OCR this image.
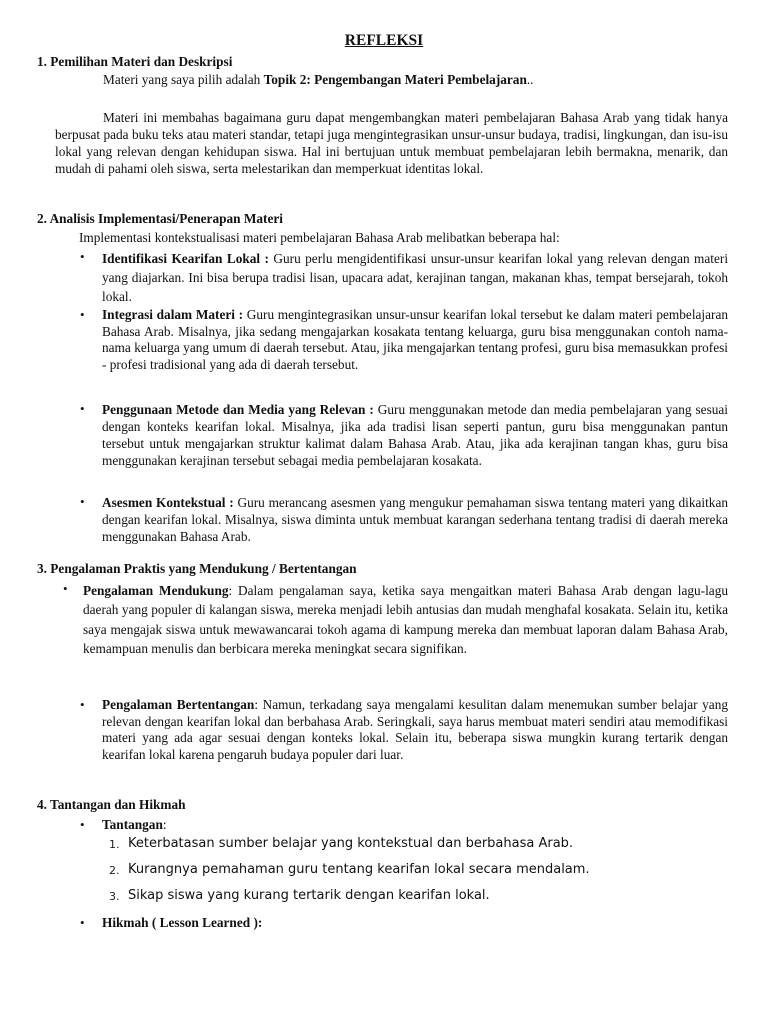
REFLEKSI
1. Pemilihan Materi dan Deskripsi
Materi yang saya pilih adalah Topik 2: Pengembangan Materi Pembelajaran..
Materi ini membahas bagaimana guru dapat mengembangkan materi pembelajaran Bahasa Arab yang tidak hanya berpusat pada buku teks atau materi standar, tetapi juga mengintegrasikan unsur-unsur budaya, tradisi, lingkungan, dan isu-isu lokal yang relevan dengan kehidupan siswa. Hal ini bertujuan untuk membuat pembelajaran lebih bermakna, menarik, dan mudah di pahami oleh siswa, serta melestarikan dan memperkuat identitas lokal.
2. Analisis Implementasi/Penerapan Materi
Implementasi kontekstualisasi materi pembelajaran Bahasa Arab melibatkan beberapa hal:
• Identifikasi Kearifan Lokal : Guru perlu mengidentifikasi unsur-unsur kearifan lokal yang relevan dengan materi yang diajarkan. Ini bisa berupa tradisi lisan, upacara adat, kerajinan tangan, makanan khas, tempat bersejarah, tokoh lokal.
• Integrasi dalam Materi : Guru mengintegrasikan unsur-unsur kearifan lokal tersebut ke dalam materi pembelajaran Bahasa Arab. Misalnya, jika sedang mengajarkan kosakata tentang keluarga, guru bisa menggunakan contoh nama-nama keluarga yang umum di daerah tersebut. Atau, jika mengajarkan tentang profesi, guru bisa memasukkan profesi - profesi tradisional yang ada di daerah tersebut.
• Penggunaan Metode dan Media yang Relevan : Guru menggunakan metode dan media pembelajaran yang sesuai dengan konteks kearifan lokal. Misalnya, jika ada tradisi lisan seperti pantun, guru bisa menggunakan pantun tersebut untuk mengajarkan struktur kalimat dalam Bahasa Arab. Atau, jika ada kerajinan tangan khas, guru bisa menggunakan kerajinan tersebut sebagai media pembelajaran kosakata.
• Asesmen Kontekstual : Guru merancang asesmen yang mengukur pemahaman siswa tentang materi yang dikaitkan dengan kearifan lokal. Misalnya, siswa diminta untuk membuat karangan sederhana tentang tradisi di daerah mereka menggunakan Bahasa Arab.
3. Pengalaman Praktis yang Mendukung / Bertentangan
• Pengalaman Mendukung: Dalam pengalaman saya, ketika saya mengaitkan materi Bahasa Arab dengan lagu-lagu daerah yang populer di kalangan siswa, mereka menjadi lebih antusias dan mudah menghafal kosakata. Selain itu, ketika saya mengajak siswa untuk mewawancarai tokoh agama di kampung mereka dan membuat laporan dalam Bahasa Arab, kemampuan menulis dan berbicara mereka meningkat secara signifikan.
• Pengalaman Bertentangan: Namun, terkadang saya mengalami kesulitan dalam menemukan sumber belajar yang relevan dengan kearifan lokal dan berbahasa Arab. Seringkali, saya harus membuat materi sendiri atau memodifikasi materi yang ada agar sesuai dengan konteks lokal. Selain itu, beberapa siswa mungkin kurang tertarik dengan kearifan lokal karena pengaruh budaya populer dari luar.
4. Tantangan dan Hikmah
• Tantangan:
1. Keterbatasan sumber belajar yang kontekstual dan berbahasa Arab.
2. Kurangnya pemahaman guru tentang kearifan lokal secara mendalam.
3. Sikap siswa yang kurang tertarik dengan kearifan lokal.
• Hikmah ( Lesson Learned ):
